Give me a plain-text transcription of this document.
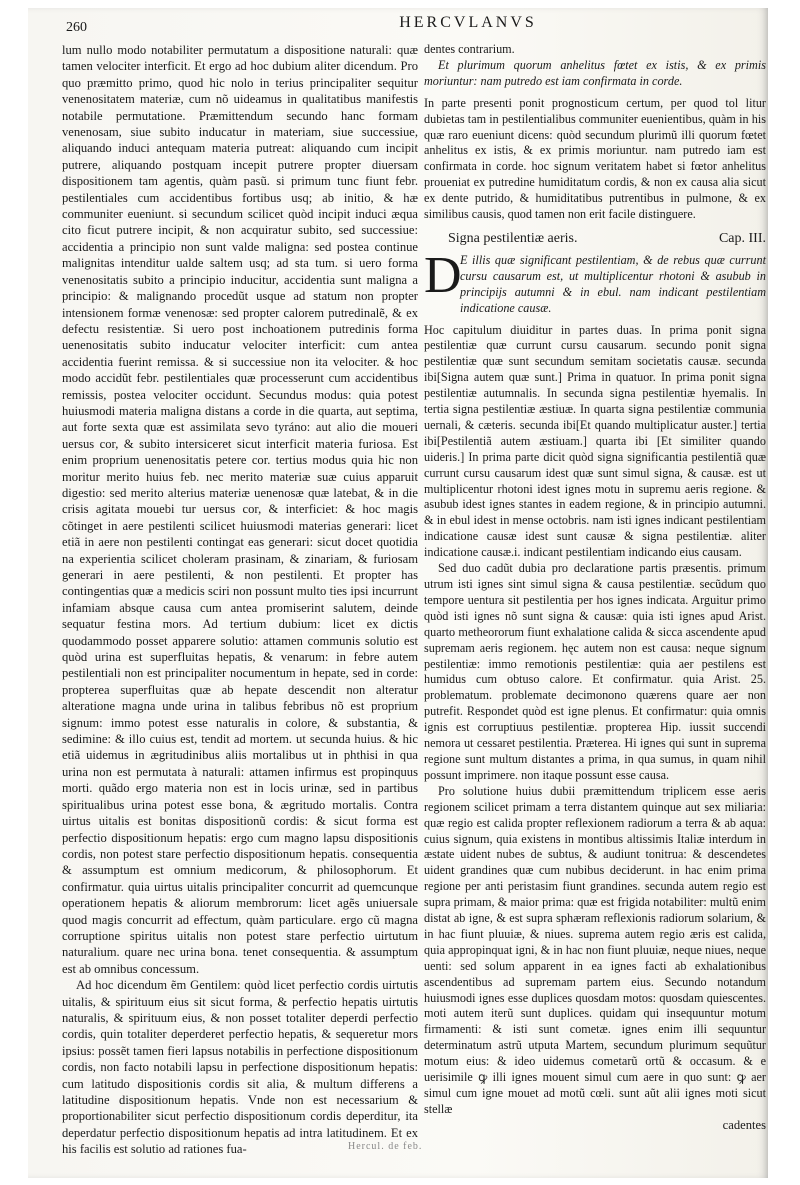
260	HERCVLANVS

lum nullo modo notabiliter permutatum a dispositione naturali: quæ tamen velociter interficit. Et ergo ad hoc dubium aliter dicendum. Pro quo præmitto primo, quod hic nolo in terius principaliter sequitur venenositatem materiæ, cum nõ uideamus in qualitatibus manifestis notabile permutatione. Præmittendum secundo hanc formam venenosam, siue subito inducatur in materiam, siue successiue, aliquando induci antequam materia putreat: aliquando cum incipit putrere, aliquando postquam incepit putrere propter diuersam dispositionem tam agentis, quàm pasũ. si primum tunc fiunt febr. pestilentiales cum accidentibus fortibus usq; ab initio, & hæ communiter eueniunt. si secundum scilicet quòd incipit induci æqua cito ficut putrere incipit, & non acquiratur subito, sed successiue: accidentia a principio non sunt valde maligna: sed postea continue malignitas intenditur ualde saltem usq; ad sta tum. si uero forma venenositatis subito a principio inducitur, accidentia sunt maligna a principio: & malignando procedũt usque ad statum non propter intensionem formæ venenosæ: sed propter calorem putredinalẽ, & ex defectu resistentiæ. Si uero post inchoationem putredinis forma uenenositatis subito inducatur velociter interficit: cum antea accidentia fuerint remissa. & si successiue non ita velociter. & hoc modo accidũt febr. pestilentiales quæ processerunt cum accidentibus remissis, postea velociter occidunt. Secundus modus: quia potest huiusmodi materia maligna distans a corde in die quarta, aut septima, aut forte sexta quæ est assimilata sevo tyráno: aut alio die moueri uersus cor, & subito intersiceret sicut interficit materia furiosa. Est enim proprium uenenositatis petere cor. tertius modus quia hic non moritur merito huius feb. nec merito materiæ suæ cuius apparuit digestio: sed merito alterius materiæ uenenosæ quæ latebat, & in die crisis agitata mouebi tur uersus cor, & interficiet: & hoc magis cõtinget in aere pestilenti scilicet huiusmodi materias generari: licet etiã in aere non pestilenti contingat eas generari: sicut docet quotidia na experientia scilicet choleram prasinam, & zinariam, & furiosam generari in aere pestilenti, & non pestilenti. Et propter has contingentias quæ a medicis sciri non possunt multo ties ipsi incurrunt infamiam absque causa cum antea promiserint salutem, deinde sequatur festina mors. Ad tertium dubium: licet ex dictis quodammodo posset apparere solutio: attamen communis solutio est quòd urina est superfluitas hepatis, & venarum: in febre autem pestilentiali non est principaliter nocumentum in hepate, sed in corde: propterea superfluitas quæ ab hepate descendit non alteratur alteratione magna unde urina in talibus febribus nõ est proprium signum: immo potest esse naturalis in colore, & substantia, & sedimine: & illo cuius est, tendit ad mortem. ut secunda huius. & hic etiã uidemus in ægritudinibus aliis mortalibus ut in phthisi in qua urina non est permutata à naturali: attamen infirmus est propinquus morti. quãdo ergo materia non est in locis urinæ, sed in partibus spiritualibus urina potest esse bona, & ægritudo mortalis. Contra uirtus uitalis est bonitas dispositionũ cordis: & sicut forma est perfectio dispositionum hepatis: ergo cum magno lapsu dispositionis cordis, non potest stare perfectio dispositionum hepatis. consequentia & assumptum est omnium medicorum, & philosophorum. Et confirmatur. quia uirtus uitalis principaliter concurrit ad quemcunque operationem hepatis & aliorum membrorum: licet agẽs uniuersale quod magis concurrit ad effectum, quàm particulare. ergo cũ magna corruptione spiritus uitalis non potest stare perfectio uirtutum naturalium. quare nec urina bona. tenet consequentia. & assumptum est ab omnibus concessum.

Ad hoc dicendum ẽm Gentilem: quòd licet perfectio cordis uirtutis uitalis, & spirituum eius sit sicut forma, & perfectio hepatis uirtutis naturalis, & spirituum eius, & non posset totaliter deperdi perfectio cordis, quin totaliter deperderet perfectio hepatis, & sequeretur mors ipsius: possẽt tamen fieri lapsus notabilis in perfectione dispositionum cordis, non facto notabili lapsu in perfectione dispositionum hepatis: cum latitudo dispositionis cordis sit alia, & multum differens a latitudine dispositionum hepatis. Vnde non est necessarium & proportionabiliter sicut perfectio dispositionum cordis deperditur, ita deperdatur perfectio dispositionum hepatis ad intra latitudinem. Et ex his facilis est solutio ad rationes fua-

dentes contrarium.

Et plurimum quorum anhelitus fœtet ex istis, & ex primis moriuntur: nam putredo est iam confirmata in corde.

In parte presenti ponit prognosticum certum, per quod tol litur dubietas tam in pestilentialibus communiter euenientibus, quàm in his quæ raro eueniunt dicens: quòd secundum plurimũ illi quorum fœtet anhelitus ex istis, & ex primis moriuntur. nam putredo iam est confirmata in corde. hoc signum veritatem habet si fœtor anhelitus proueniat ex putredine humiditatum cordis, & non ex causa alia sicut ex dente putrido, & humiditatibus putrentibus in pulmone, & ex similibus causis, quod tamen non erit facile distinguere.

Signa pestilentiæ aeris.	Cap. III.
D
E illis quæ significant pestilentiam, & de rebus quæ currunt cursu causarum est, ut multiplicentur rhotoni & asubub in principijs autumni & in ebul. nam indicant pestilentiam indicatione causæ.

Hoc capitulum diuiditur in partes duas. In prima ponit signa pestilentiæ quæ currunt cursu causarum. secundo ponit signa pestilentiæ quæ sunt secundum semitam societatis causæ. secunda ibi[Signa autem quæ sunt.] Prima in quatuor. In prima ponit signa pestilentiæ autumnalis. In secunda signa pestilentiæ hyemalis. In tertia signa pestilentiæ æstiuæ. In quarta signa pestilentiæ communia uernali, & cæteris. secunda ibi[Et quando multiplicatur auster.] tertia ibi[Pestilentiã autem æstiuam.] quarta ibi [Et similiter quando uideris.] In prima parte dicit quòd signa significantia pestilentiã quæ currunt cursu causarum idest quæ sunt simul signa, & causæ. est ut multiplicentur rhotoni idest ignes motu in supremu aeris regione. & asubub idest ignes stantes in eadem regione, & in principio autumni. & in ebul idest in mense octobris. nam isti ignes indicant pestilentiam indicatione causæ idest sunt causæ & signa pestilentiæ. aliter indicatione causæ.i. indicant pestilentiam indicando eius causam.

Sed duo cadũt dubia pro declaratione partis præsentis. primum utrum isti ignes sint simul signa & causa pestilentiæ. secũdum quo tempore uentura sit pestilentia per hos ignes indicata. Arguitur primo quòd isti ignes nõ sunt signa & causæ: quia isti ignes apud Arist. quarto metheororum fiunt exhalatione calida & sicca ascendente apud supremam aeris regionem. hęc autem non est causa: neque signum pestilentiæ: immo remotionis pestilentiæ: quia aer pestilens est humidus cum obtuso calore. Et confirmatur. quia Arist. 25. problematum. problemate decimonono quærens quare aer non putrefit. Respondet quòd est igne plenus. Et confirmatur: quia omnis ignis est corruptiuus pestilentiæ. propterea Hip. iussit succendi nemora ut cessaret pestilentia. Præterea. Hi ignes qui sunt in suprema regione sunt multum distantes a prima, in qua sumus, in quam nihil possunt imprimere. non itaque possunt esse causa.

Pro solutione huius dubii præmittendum triplicem esse aeris regionem scilicet primam a terra distantem quinque aut sex miliaria: quæ regio est calida propter reflexionem radiorum a terra & ab aqua: cuius signum, quia existens in montibus altissimis Italiæ interdum in æstate uident nubes de subtus, & audiunt tonitrua: & descendetes uident grandines quæ cum nubibus deciderunt. in hac enim prima regione per anti peristasim fiunt grandines. secunda autem regio est supra primam, & maior prima: quæ est frigida notabiliter: multũ enim distat ab igne, & est supra sphæram reflexionis radiorum solarium, & in hac fiunt pluuiæ, & niues. suprema autem regio æris est calida, quia appropinquat igni, & in hac non fiunt pluuiæ, neque niues, neque uenti: sed solum apparent in ea ignes facti ab exhalationibus ascendentibus ad supremam partem eius. Secundo notandum huiusmodi ignes esse duplices quosdam motos: quosdam quiescentes. moti autem iterũ sunt duplices. quidam qui insequuntur motum firmamenti: & isti sunt cometæ. ignes enim illi sequuntur determinatum astrũ utputa Martem, secundum plurimum sequũtur motum eius: & ideo uidemus cometarũ ortũ & occasum. & e uerisimile ꝙ illi ignes mouent simul cum aere in quo sunt: ꝙ aer simul cum igne mouet ad motũ cœli. sunt aũt alii ignes moti sicut stellæ

cadentes
Hercul. de feb.
